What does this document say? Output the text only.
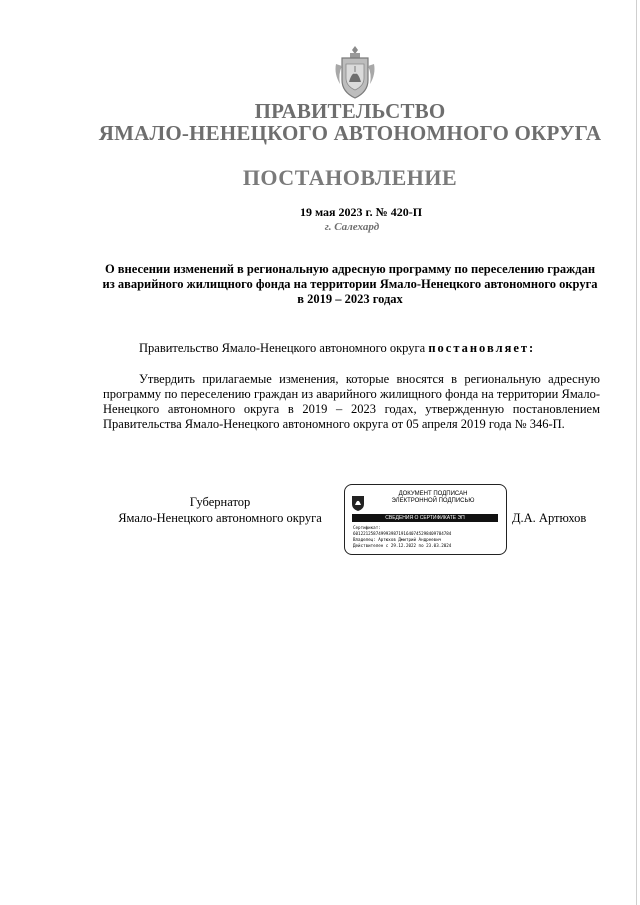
ПРАВИТЕЛЬСТВО
ЯМАЛО-НЕНЕЦКОГО АВТОНОМНОГО ОКРУГА
ПОСТАНОВЛЕНИЕ
19 мая 2023 г. № 420-П
г. Салехард
О внесении изменений в региональную адресную программу по переселению граждан из аварийного жилищного фонда на территории Ямало-Ненецкого автономного округа в 2019 – 2023 годах
Правительство Ямало-Ненецкого автономного округа постановляет:
Утвердить прилагаемые изменения, которые вносятся в региональную адресную программу по переселению граждан из аварийного жилищного фонда на территории Ямало-Ненецкого автономного округа в 2019 – 2023 годах, утвержденную постановлением Правительства Ямало-Ненецкого автономного округа от 05 апреля 2019 года № 346-П.
Губернатор
Ямало-Ненецкого автономного округа	Д.А. Артюхов
ДОКУМЕНТ ПОДПИСАН
ЭЛЕКТРОННОЙ ПОДПИСЬЮ
СВЕДЕНИЯ О СЕРТИФИКАТЕ ЭП
Сертификат:
601221258749993987191640745298409784784
Владелец: Артюхов Дмитрий Андреевич
Действителен с 29.12.2022 по 23.03.2024
